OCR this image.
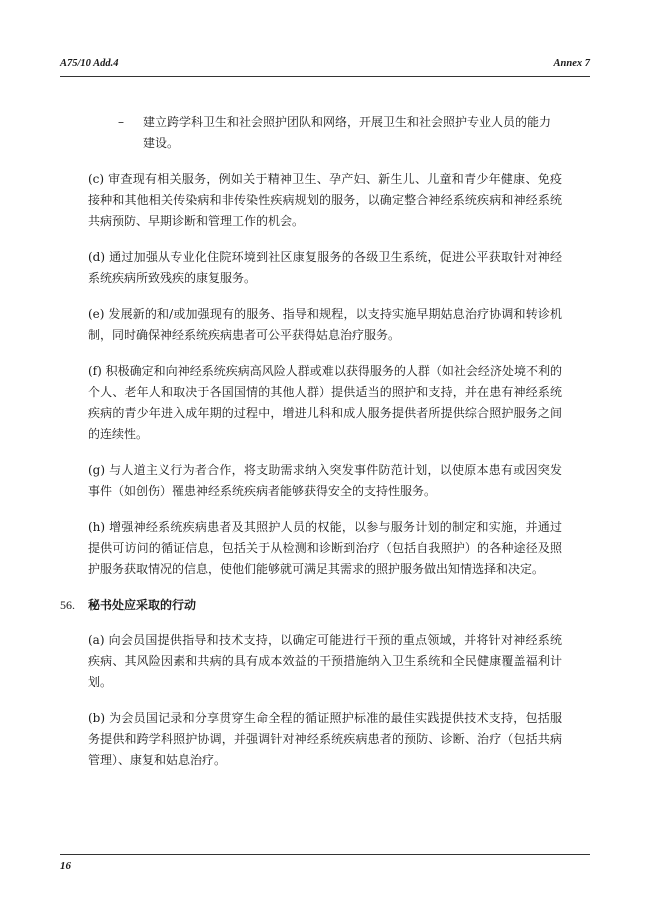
A75/10 Add.4	Annex 7
– 建立跨学科卫生和社会照护团队和网络，开展卫生和社会照护专业人员的能力建设。

(c) 审查现有相关服务，例如关于精神卫生、孕产妇、新生儿、儿童和青少年健康、免疫接种和其他相关传染病和非传染性疾病规划的服务，以确定整合神经系统疾病和神经系统共病预防、早期诊断和管理工作的机会。

(d) 通过加强从专业化住院环境到社区康复服务的各级卫生系统，促进公平获取针对神经系统疾病所致残疾的康复服务。

(e) 发展新的和/或加强现有的服务、指导和规程，以支持实施早期姑息治疗协调和转诊机制，同时确保神经系统疾病患者可公平获得姑息治疗服务。

(f) 积极确定和向神经系统疾病高风险人群或难以获得服务的人群（如社会经济处境不利的个人、老年人和取决于各国国情的其他人群）提供适当的照护和支持，并在患有神经系统疾病的青少年进入成年期的过程中，增进儿科和成人服务提供者所提供综合照护服务之间的连续性。

(g) 与人道主义行为者合作，将支助需求纳入突发事件防范计划，以使原本患有或因突发事件（如创伤）罹患神经系统疾病者能够获得安全的支持性服务。

(h) 增强神经系统疾病患者及其照护人员的权能，以参与服务计划的制定和实施，并通过提供可访问的循证信息，包括关于从检测和诊断到治疗（包括自我照护）的各种途径及照护服务获取情况的信息，使他们能够就可满足其需求的照护服务做出知情选择和决定。

56. 秘书处应采取的行动

(a) 向会员国提供指导和技术支持，以确定可能进行干预的重点领域，并将针对神经系统疾病、其风险因素和共病的具有成本效益的干预措施纳入卫生系统和全民健康覆盖福利计划。

(b) 为会员国记录和分享贯穿生命全程的循证照护标准的最佳实践提供技术支持，包括服务提供和跨学科照护协调，并强调针对神经系统疾病患者的预防、诊断、治疗（包括共病管理）、康复和姑息治疗。

16
